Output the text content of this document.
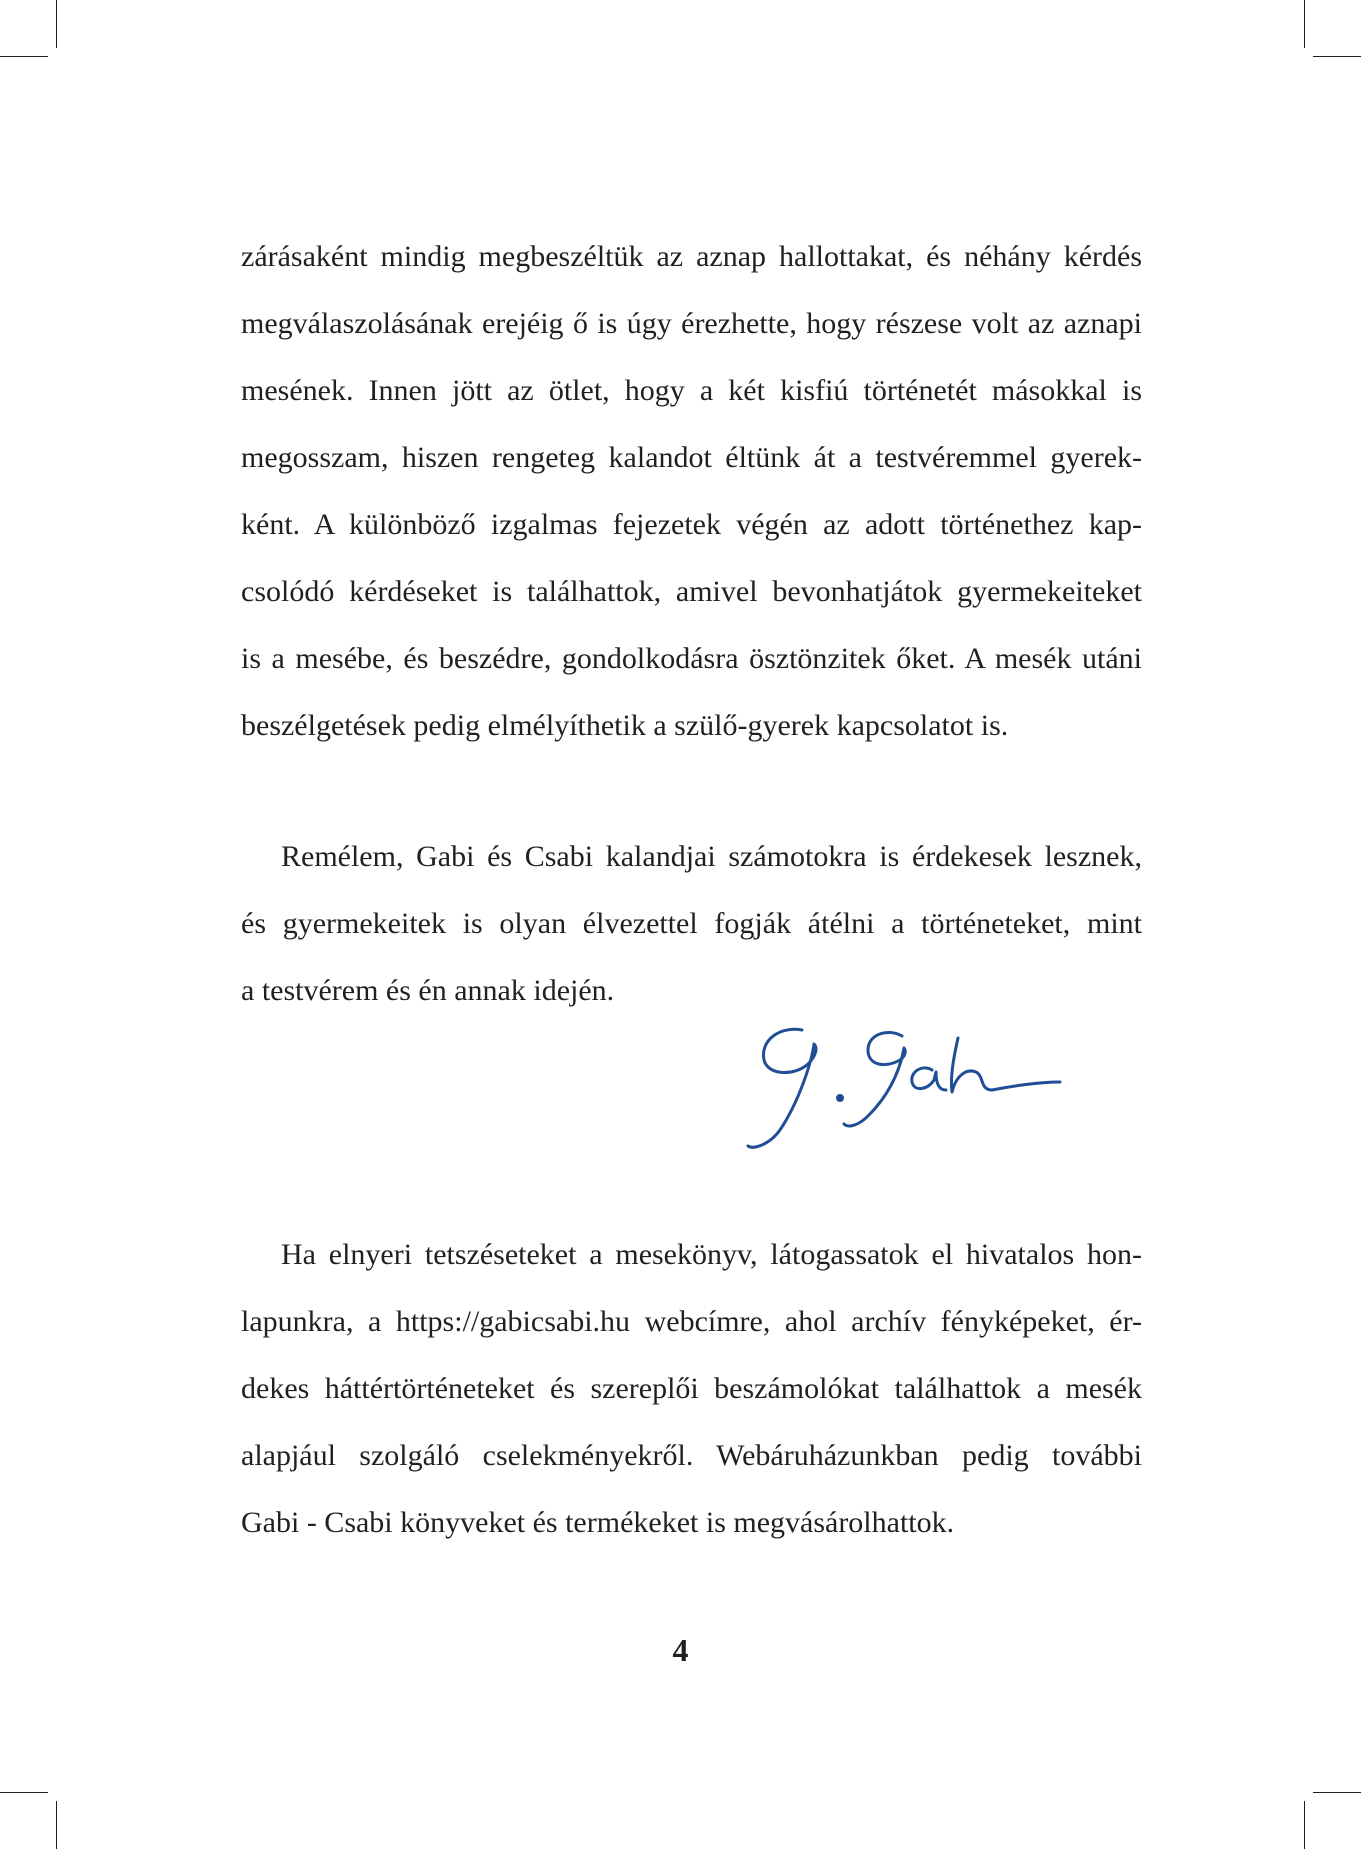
zárásaként mindig megbeszéltük az aznap hallottakat, és néhány kérdés
megválaszolásának erejéig ő is úgy érezhette, hogy részese volt az aznapi
mesének. Innen jött az ötlet, hogy a két kisfiú történetét másokkal is
megosszam, hiszen rengeteg kalandot éltünk át a testvéremmel gyerek-
ként. A különböző izgalmas fejezetek végén az adott történethez kap-
csolódó kérdéseket is találhattok, amivel bevonhatjátok gyermekeiteket
is a mesébe, és beszédre, gondolkodásra ösztönzitek őket. A mesék utáni
beszélgetések pedig elmélyíthetik a szülő-gyerek kapcsolatot is.
Remélem, Gabi és Csabi kalandjai számotokra is érdekesek lesznek,
és gyermekeitek is olyan élvezettel fogják átélni a történeteket, mint
a testvérem és én annak idején.
Ha elnyeri tetszéseteket a mesekönyv, látogassatok el hivatalos hon-
lapunkra, a https://gabicsabi.hu webcímre, ahol archív fényképeket, ér-
dekes háttértörténeteket és szereplői beszámolókat találhattok a mesék
alapjául szolgáló cselekményekről. Webáruházunkban pedig további
Gabi - Csabi könyveket és termékeket is megvásárolhattok.
4
